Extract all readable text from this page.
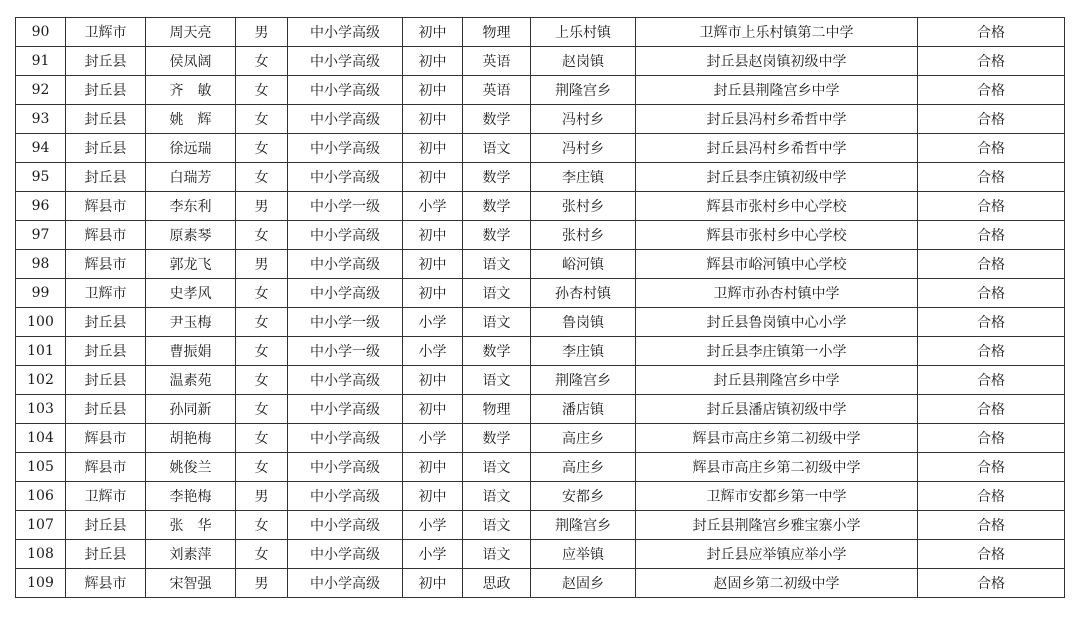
90	卫辉市	周天亮	男	中小学高级	初中	物理	上乐村镇	卫辉市上乐村镇第二中学	合格
91	封丘县	侯凤阔	女	中小学高级	初中	英语	赵岗镇	封丘县赵岗镇初级中学	合格
92	封丘县	齐　敏	女	中小学高级	初中	英语	荆隆宫乡	封丘县荆隆宫乡中学	合格
93	封丘县	姚　辉	女	中小学高级	初中	数学	冯村乡	封丘县冯村乡希哲中学	合格
94	封丘县	徐远瑞	女	中小学高级	初中	语文	冯村乡	封丘县冯村乡希哲中学	合格
95	封丘县	白瑞芳	女	中小学高级	初中	数学	李庄镇	封丘县李庄镇初级中学	合格
96	辉县市	李东利	男	中小学一级	小学	数学	张村乡	辉县市张村乡中心学校	合格
97	辉县市	原素琴	女	中小学高级	初中	数学	张村乡	辉县市张村乡中心学校	合格
98	辉县市	郭龙飞	男	中小学高级	初中	语文	峪河镇	辉县市峪河镇中心学校	合格
99	卫辉市	史孝风	女	中小学高级	初中	语文	孙杏村镇	卫辉市孙杏村镇中学	合格
100	封丘县	尹玉梅	女	中小学一级	小学	语文	鲁岗镇	封丘县鲁岗镇中心小学	合格
101	封丘县	曹振娟	女	中小学一级	小学	数学	李庄镇	封丘县李庄镇第一小学	合格
102	封丘县	温素苑	女	中小学高级	初中	语文	荆隆宫乡	封丘县荆隆宫乡中学	合格
103	封丘县	孙同新	女	中小学高级	初中	物理	潘店镇	封丘县潘店镇初级中学	合格
104	辉县市	胡艳梅	女	中小学高级	小学	数学	高庄乡	辉县市高庄乡第二初级中学	合格
105	辉县市	姚俊兰	女	中小学高级	初中	语文	高庄乡	辉县市高庄乡第二初级中学	合格
106	卫辉市	李艳梅	男	中小学高级	初中	语文	安都乡	卫辉市安都乡第一中学	合格
107	封丘县	张　华	女	中小学高级	小学	语文	荆隆宫乡	封丘县荆隆宫乡雅宝寨小学	合格
108	封丘县	刘素萍	女	中小学高级	小学	语文	应举镇	封丘县应举镇应举小学	合格
109	辉县市	宋智强	男	中小学高级	初中	思政	赵固乡	赵固乡第二初级中学	合格
